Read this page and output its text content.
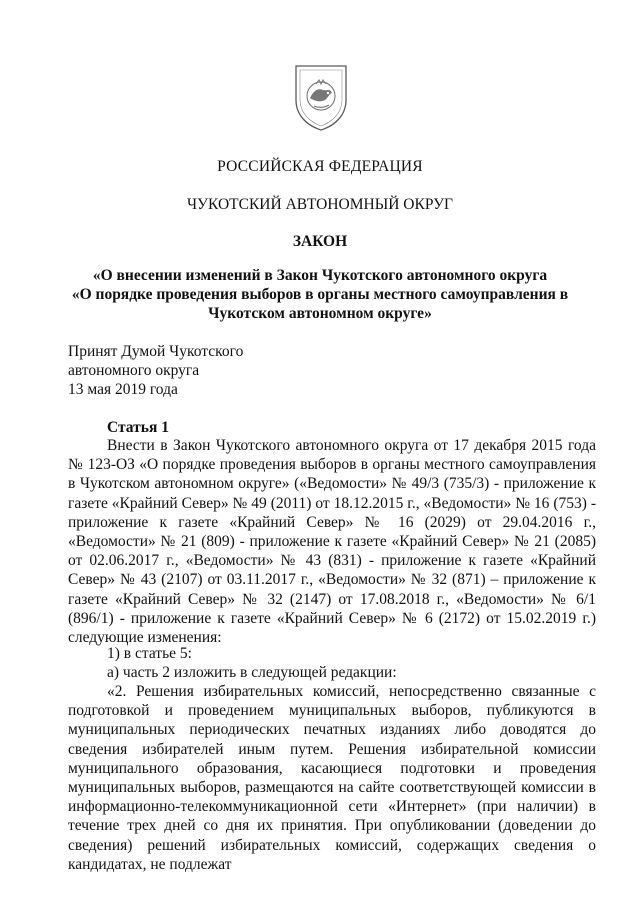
РОССИЙСКАЯ ФЕДЕРАЦИЯ
ЧУКОТСКИЙ АВТОНОМНЫЙ ОКРУГ
ЗАКОН
«О внесении изменений в Закон Чукотского автономного округа
«О порядке проведения выборов в органы местного самоуправления в
Чукотском автономном округе»
Принят Думой Чукотского
автономного округа
13 мая 2019 года
Статья 1
Внести в Закон Чукотского автономного округа от 17 декабря 2015 года № 123-ОЗ «О порядке проведения выборов в органы местного самоуправления в Чукотском автономном округе» («Ведомости» № 49/3 (735/3) - приложение к газете «Крайний Север» № 49 (2011) от 18.12.2015 г., «Ведомости» № 16 (753) - приложение к газете «Крайний Север» № 16 (2029) от 29.04.2016 г., «Ведомости» № 21 (809) - приложение к газете «Крайний Север» № 21 (2085) от 02.06.2017 г., «Ведомости» № 43 (831) - приложение к газете «Крайний Север» № 43 (2107) от 03.11.2017 г., «Ведомости» № 32 (871) – приложение к газете «Крайний Север» № 32 (2147) от 17.08.2018 г., «Ведомости» № 6/1 (896/1) - приложение к газете «Крайний Север» № 6 (2172) от 15.02.2019 г.) следующие изменения:
1) в статье 5:
а) часть 2 изложить в следующей редакции:
«2. Решения избирательных комиссий, непосредственно связанные с подготовкой и проведением муниципальных выборов, публикуются в муниципальных периодических печатных изданиях либо доводятся до сведения избирателей иным путем. Решения избирательной комиссии муниципального образования, касающиеся подготовки и проведения муниципальных выборов, размещаются на сайте соответствующей комиссии в информационно-телекоммуникационной сети «Интернет» (при наличии) в течение трех дней со дня их принятия. При опубликовании (доведении до сведения) решений избирательных комиссий, содержащих сведения о кандидатах, не подлежат
